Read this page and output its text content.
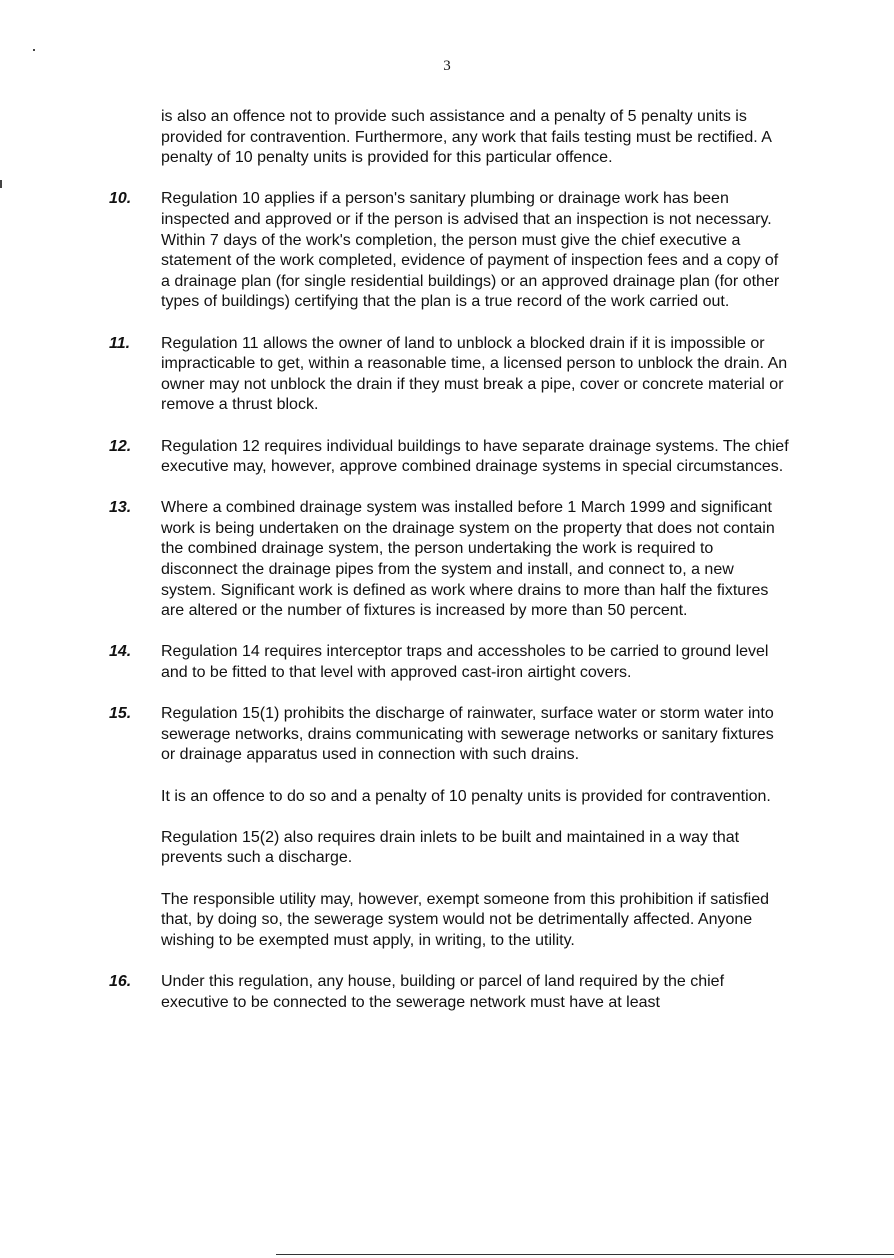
3
is also an offence not to provide such assistance and a penalty of 5 penalty units is provided for contravention. Furthermore, any work that fails testing must be rectified. A penalty of 10 penalty units is provided for this particular offence.
10. Regulation 10 applies if a person's sanitary plumbing or drainage work has been inspected and approved or if the person is advised that an inspection is not necessary. Within 7 days of the work's completion, the person must give the chief executive a statement of the work completed, evidence of payment of inspection fees and a copy of a drainage plan (for single residential buildings) or an approved drainage plan (for other types of buildings) certifying that the plan is a true record of the work carried out.
11. Regulation 11 allows the owner of land to unblock a blocked drain if it is impossible or impracticable to get, within a reasonable time, a licensed person to unblock the drain. An owner may not unblock the drain if they must break a pipe, cover or concrete material or remove a thrust block.
12. Regulation 12 requires individual buildings to have separate drainage systems. The chief executive may, however, approve combined drainage systems in special circumstances.
13. Where a combined drainage system was installed before 1 March 1999 and significant work is being undertaken on the drainage system on the property that does not contain the combined drainage system, the person undertaking the work is required to disconnect the drainage pipes from the system and install, and connect to, a new system. Significant work is defined as work where drains to more than half the fixtures are altered or the number of fixtures is increased by more than 50 percent.
14. Regulation 14 requires interceptor traps and accessholes to be carried to ground level and to be fitted to that level with approved cast-iron airtight covers.
15. Regulation 15(1) prohibits the discharge of rainwater, surface water or storm water into sewerage networks, drains communicating with sewerage networks or sanitary fixtures or drainage apparatus used in connection with such drains.
It is an offence to do so and a penalty of 10 penalty units is provided for contravention.
Regulation 15(2) also requires drain inlets to be built and maintained in a way that prevents such a discharge.
The responsible utility may, however, exempt someone from this prohibition if satisfied that, by doing so, the sewerage system would not be detrimentally affected. Anyone wishing to be exempted must apply, in writing, to the utility.
16. Under this regulation, any house, building or parcel of land required by the chief executive to be connected to the sewerage network must have at least
